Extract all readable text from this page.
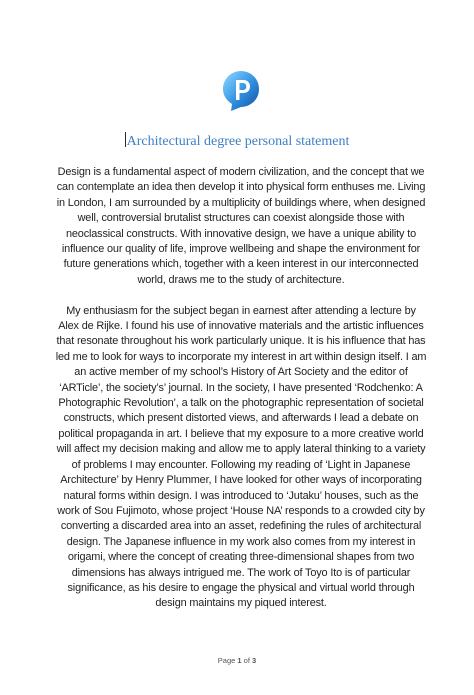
Architectural degree personal statement

Design is a fundamental aspect of modern civilization, and the concept that we can contemplate an idea then develop it into physical form enthuses me. Living in London, I am surrounded by a multiplicity of buildings where, when designed well, controversial brutalist structures can coexist alongside those with neoclassical constructs. With innovative design, we have a unique ability to influence our quality of life, improve wellbeing and shape the environment for future generations which, together with a keen interest in our interconnected world, draws me to the study of architecture.

My enthusiasm for the subject began in earnest after attending a lecture by Alex de Rijke. I found his use of innovative materials and the artistic influences that resonate throughout his work particularly unique. It is his influence that has led me to look for ways to incorporate my interest in art within design itself. I am an active member of my school’s History of Art Society and the editor of ‘ARTicle’, the society’s’ journal. In the society, I have presented ‘Rodchenko: A Photographic Revolution’, a talk on the photographic representation of societal constructs, which present distorted views, and afterwards I lead a debate on political propaganda in art. I believe that my exposure to a more creative world will affect my decision making and allow me to apply lateral thinking to a variety of problems I may encounter. Following my reading of ‘Light in Japanese Architecture’ by Henry Plummer, I have looked for other ways of incorporating natural forms within design. I was introduced to ‘Jutaku’ houses, such as the work of Sou Fujimoto, whose project ‘House NA’ responds to a crowded city by converting a discarded area into an asset, redefining the rules of architectural design. The Japanese influence in my work also comes from my interest in origami, where the concept of creating three-dimensional shapes from two dimensions has always intrigued me. The work of Toyo Ito is of particular significance, as his desire to engage the physical and virtual world through design maintains my piqued interest.

Page 1 of 3
